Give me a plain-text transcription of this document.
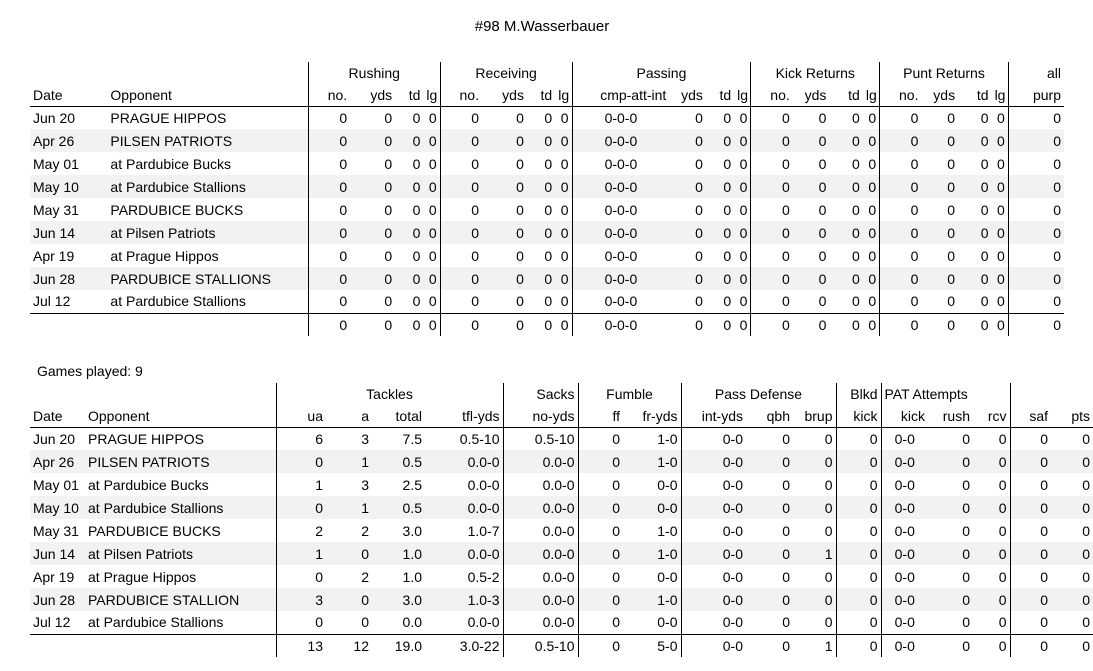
#98 M.Wasserbauer
		Rushing				Receiving				Passing				Kick Returns				Punt Returns				all
Date	Opponent	no.	yds	td	lg	no.	yds	td	lg	cmp-att-int	yds	td	lg	no.	yds	td	lg	no.	yds	td	lg	purp
Jun 20	PRAGUE HIPPOS	0	0	0	0	0	0	0	0	0-0-0	0	0	0	0	0	0	0	0	0	0	0	0
Apr 26	PILSEN PATRIOTS	0	0	0	0	0	0	0	0	0-0-0	0	0	0	0	0	0	0	0	0	0	0	0
May 01	at Pardubice Bucks	0	0	0	0	0	0	0	0	0-0-0	0	0	0	0	0	0	0	0	0	0	0	0
May 10	at Pardubice Stallions	0	0	0	0	0	0	0	0	0-0-0	0	0	0	0	0	0	0	0	0	0	0	0
May 31	PARDUBICE BUCKS	0	0	0	0	0	0	0	0	0-0-0	0	0	0	0	0	0	0	0	0	0	0	0
Jun 14	at Pilsen Patriots	0	0	0	0	0	0	0	0	0-0-0	0	0	0	0	0	0	0	0	0	0	0	0
Apr 19	at Prague Hippos	0	0	0	0	0	0	0	0	0-0-0	0	0	0	0	0	0	0	0	0	0	0	0
Jun 28	PARDUBICE STALLIONS	0	0	0	0	0	0	0	0	0-0-0	0	0	0	0	0	0	0	0	0	0	0	0
Jul 12	at Pardubice Stallions	0	0	0	0	0	0	0	0	0-0-0	0	0	0	0	0	0	0	0	0	0	0	0
		0	0	0	0	0	0	0	0	0-0-0	0	0	0	0	0	0	0	0	0	0	0	0
Games played: 9
		Tackles				Sacks	Fumble		Pass Defense			Blkd	PAT Attempts				
Date	Opponent	ua	a	total	tfl-yds	no-yds	ff	fr-yds	int-yds	qbh	brup	kick	kick	rush	rcv	saf	pts
Jun 20	PRAGUE HIPPOS	6	3	7.5	0.5-10	0.5-10	0	1-0	0-0	0	0	0	0-0	0	0	0	0
Apr 26	PILSEN PATRIOTS	0	1	0.5	0.0-0	0.0-0	0	1-0	0-0	0	0	0	0-0	0	0	0	0
May 01	at Pardubice Bucks	1	3	2.5	0.0-0	0.0-0	0	0-0	0-0	0	0	0	0-0	0	0	0	0
May 10	at Pardubice Stallions	0	1	0.5	0.0-0	0.0-0	0	0-0	0-0	0	0	0	0-0	0	0	0	0
May 31	PARDUBICE BUCKS	2	2	3.0	1.0-7	0.0-0	0	1-0	0-0	0	0	0	0-0	0	0	0	0
Jun 14	at Pilsen Patriots	1	0	1.0	0.0-0	0.0-0	0	1-0	0-0	0	1	0	0-0	0	0	0	0
Apr 19	at Prague Hippos	0	2	1.0	0.5-2	0.0-0	0	0-0	0-0	0	0	0	0-0	0	0	0	0
Jun 28	PARDUBICE STALLION	3	0	3.0	1.0-3	0.0-0	0	1-0	0-0	0	0	0	0-0	0	0	0	0
Jul 12	at Pardubice Stallions	0	0	0.0	0.0-0	0.0-0	0	0-0	0-0	0	0	0	0-0	0	0	0	0
		13	12	19.0	3.0-22	0.5-10	0	5-0	0-0	0	1	0	0-0	0	0	0	0
